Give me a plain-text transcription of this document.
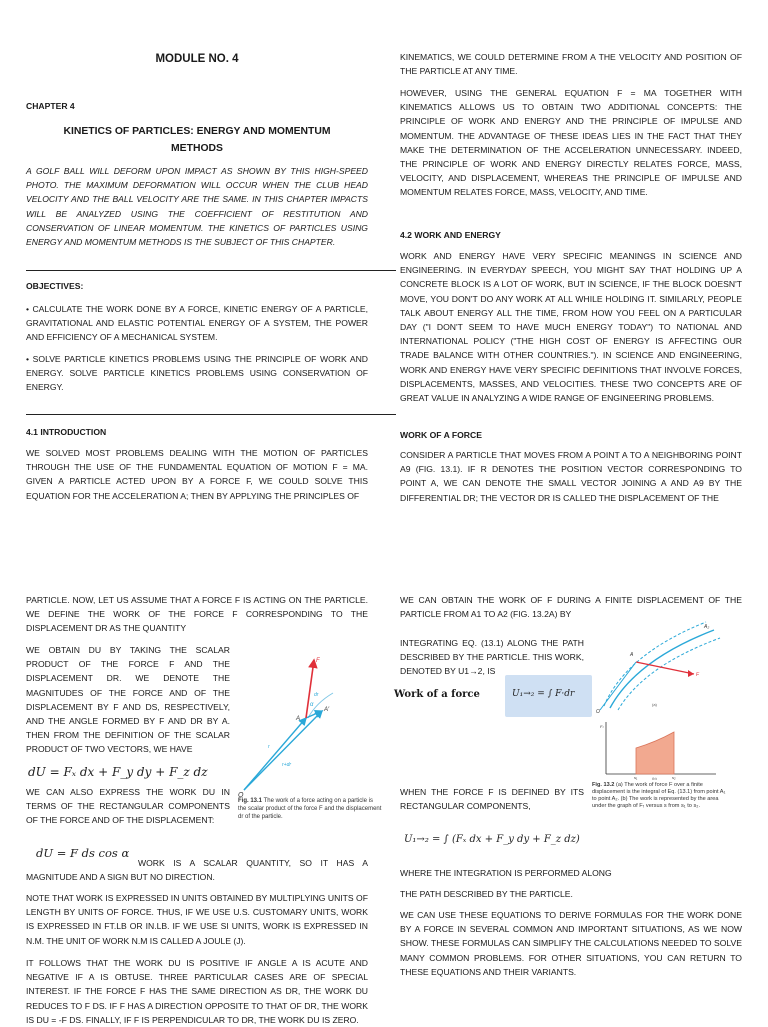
MODULE NO. 4
CHAPTER 4
KINETICS OF PARTICLES: ENERGY AND MOMENTUM METHODS

A GOLF BALL WILL DEFORM UPON IMPACT AS SHOWN BY THIS HIGH-SPEED PHOTO. THE MAXIMUM DEFORMATION WILL OCCUR WHEN THE CLUB HEAD VELOCITY AND THE BALL VELOCITY ARE THE SAME. IN THIS CHAPTER IMPACTS WILL BE ANALYZED USING THE COEFFICIENT OF RESTITUTION AND CONSERVATION OF LINEAR MOMENTUM. THE KINETICS OF PARTICLES USING ENERGY AND MOMENTUM METHODS IS THE SUBJECT OF THIS CHAPTER.

OBJECTIVES:

• CALCULATE THE WORK DONE BY A FORCE, KINETIC ENERGY OF A PARTICLE, GRAVITATIONAL AND ELASTIC POTENTIAL ENERGY OF A SYSTEM, THE POWER AND EFFICIENCY OF A MECHANICAL SYSTEM.

• SOLVE PARTICLE KINETICS PROBLEMS USING THE PRINCIPLE OF WORK AND ENERGY. SOLVE PARTICLE KINETICS PROBLEMS USING CONSERVATION OF ENERGY.

4.1 INTRODUCTION

WE SOLVED MOST PROBLEMS DEALING WITH THE MOTION OF PARTICLES THROUGH THE USE OF THE FUNDAMENTAL EQUATION OF MOTION F = MA. GIVEN A PARTICLE ACTED UPON BY A FORCE F, WE COULD SOLVE THIS EQUATION FOR THE ACCELERATION A; THEN BY APPLYING THE PRINCIPLES OF

KINEMATICS, WE COULD DETERMINE FROM A THE VELOCITY AND POSITION OF THE PARTICLE AT ANY TIME.

HOWEVER, USING THE GENERAL EQUATION F = MA TOGETHER WITH KINEMATICS ALLOWS US TO OBTAIN TWO ADDITIONAL CONCEPTS: THE PRINCIPLE OF WORK AND ENERGY AND THE PRINCIPLE OF IMPULSE AND MOMENTUM. THE ADVANTAGE OF THESE IDEAS LIES IN THE FACT THAT THEY MAKE THE DETERMINATION OF THE ACCELERATION UNNECESSARY. INDEED, THE PRINCIPLE OF WORK AND ENERGY DIRECTLY RELATES FORCE, MASS, VELOCITY, AND DISPLACEMENT, WHEREAS THE PRINCIPLE OF IMPULSE AND MOMENTUM RELATES FORCE, MASS, VELOCITY, AND TIME.

4.2 WORK AND ENERGY

WORK AND ENERGY HAVE VERY SPECIFIC MEANINGS IN SCIENCE AND ENGINEERING. IN EVERYDAY SPEECH, YOU MIGHT SAY THAT HOLDING UP A CONCRETE BLOCK IS A LOT OF WORK, BUT IN SCIENCE, IF THE BLOCK DOESN'T MOVE, YOU DON'T DO ANY WORK AT ALL WHILE HOLDING IT. SIMILARLY, PEOPLE TALK ABOUT ENERGY ALL THE TIME, FROM HOW YOU FEEL ON A PARTICULAR DAY ("I DON'T SEEM TO HAVE MUCH ENERGY TODAY") TO NATIONAL AND INTERNATIONAL POLICY ("THE HIGH COST OF ENERGY IS AFFECTING OUR TRADE BALANCE WITH OTHER COUNTRIES."). IN SCIENCE AND ENGINEERING, WORK AND ENERGY HAVE VERY SPECIFIC DEFINITIONS THAT INVOLVE FORCES, DISPLACEMENTS, MASSES, AND VELOCITIES. THESE TWO CONCEPTS ARE OF GREAT VALUE IN ANALYZING A WIDE RANGE OF ENGINEERING PROBLEMS.

WORK OF A FORCE

CONSIDER A PARTICLE THAT MOVES FROM A POINT A TO A NEIGHBORING POINT A9 (FIG. 13.1). IF R DENOTES THE POSITION VECTOR CORRESPONDING TO POINT A, WE CAN DENOTE THE SMALL VECTOR JOINING A AND A9 BY THE DIFFERENTIAL DR; THE VECTOR DR IS CALLED THE DISPLACEMENT OF THE

PARTICLE. NOW, LET US ASSUME THAT A FORCE F IS ACTING ON THE PARTICLE. WE DEFINE THE WORK OF THE FORCE F CORRESPONDING TO THE DISPLACEMENT DR AS THE QUANTITY

WE OBTAIN DU BY TAKING THE SCALAR PRODUCT OF THE FORCE F AND THE DISPLACEMENT DR. WE DENOTE THE MAGNITUDES OF THE FORCE AND OF THE DISPLACEMENT BY F AND DS, RESPECTIVELY, AND THE ANGLE FORMED BY F AND DR BY A. THEN FROM THE DEFINITION OF THE SCALAR PRODUCT OF TWO VECTORS, WE HAVE

O
A
A′
F
α
dr
r
r+dr
dU = Fₓ dx + F_y dy + F_z dz

WE CAN ALSO EXPRESS THE WORK DU IN TERMS OF THE RECTANGULAR COMPONENTS OF THE FORCE AND OF THE DISPLACEMENT:

Fig. 13.1 The work of a force acting on a particle is the scalar product of the force F and the displacement dr of the particle.
dU = F ds cos α

WORK IS A SCALAR QUANTITY, SO IT HAS A MAGNITUDE AND A SIGN BUT NO DIRECTION.

NOTE THAT WORK IS EXPRESSED IN UNITS OBTAINED BY MULTIPLYING UNITS OF LENGTH BY UNITS OF FORCE. THUS, IF WE USE U.S. CUSTOMARY UNITS, WORK IS EXPRESSED IN FT.LB OR IN.LB. IF WE USE SI UNITS, WORK IS EXPRESSED IN N.M. THE UNIT OF WORK N.M IS CALLED A JOULE (J).

IT FOLLOWS THAT THE WORK DU IS POSITIVE IF ANGLE A IS ACUTE AND NEGATIVE IF A IS OBTUSE. THREE PARTICULAR CASES ARE OF SPECIAL INTEREST. IF THE FORCE F HAS THE SAME DIRECTION AS DR, THE WORK DU REDUCES TO F DS. IF F HAS A DIRECTION OPPOSITE TO THAT OF DR, THE WORK IS DU = -F DS. FINALLY, IF F IS PERPENDICULAR TO DR, THE WORK DU IS ZERO.

WE CAN OBTAIN THE WORK OF F DURING A FINITE DISPLACEMENT OF THE PARTICLE FROM A1 TO A2 (FIG. 13.2A) BY

INTEGRATING EQ. (13.1) ALONG THE PATH DESCRIBED BY THE PARTICLE. THIS WORK, DENOTED BY U1→2, IS

Work of a force	U₁→₂ = ∫ F·dr
O
A
A₂
F
(a)
Fₜ
s₁	s₂
(b)
Fig. 13.2 (a) The work of force F over a finite displacement is the integral of Eq. (13.1) from point A₁ to point A₂. (b) The work is represented by the area under the graph of Fₜ versus s from s₁ to s₂.

WHEN THE FORCE F IS DEFINED BY ITS RECTANGULAR COMPONENTS,

U₁→₂ = ∫ (Fₓ dx + F_y dy + F_z dz)

WHERE THE INTEGRATION IS PERFORMED ALONG

THE PATH DESCRIBED BY THE PARTICLE.

WE CAN USE THESE EQUATIONS TO DERIVE FORMULAS FOR THE WORK DONE BY A FORCE IN SEVERAL COMMON AND IMPORTANT SITUATIONS, AS WE NOW SHOW. THESE FORMULAS CAN SIMPLIFY THE CALCULATIONS NEEDED TO SOLVE MANY COMMON PROBLEMS. FOR OTHER SITUATIONS, YOU CAN RETURN TO THESE EQUATIONS AND THEIR VARIANTS.
